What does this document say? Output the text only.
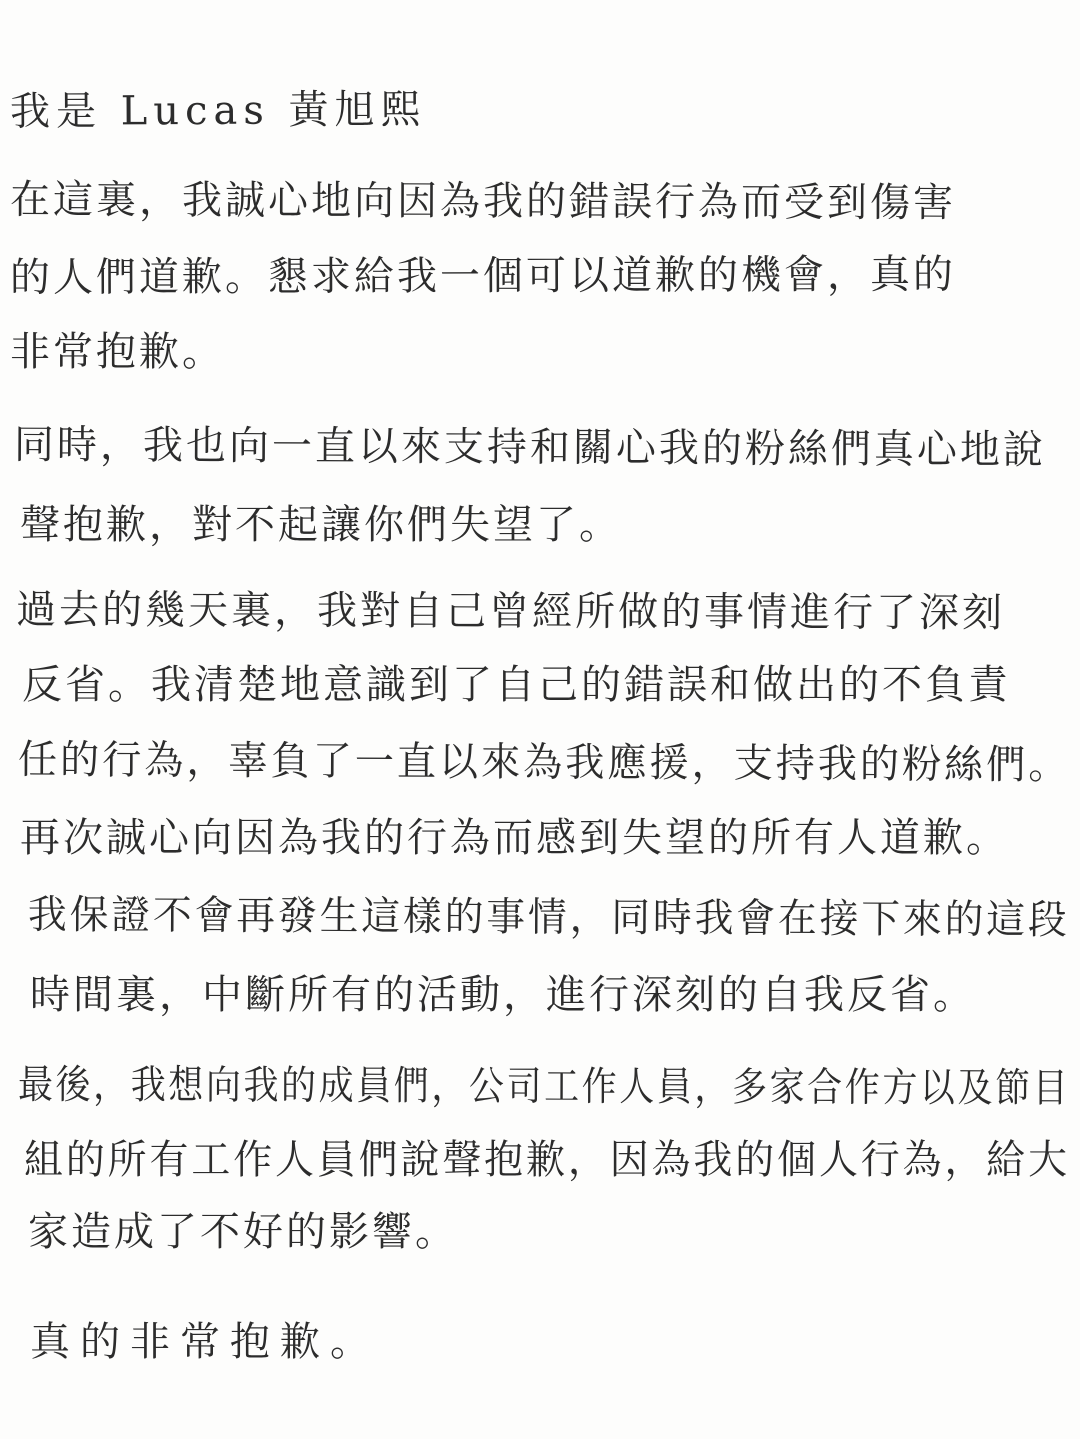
我是 Lucas 黃旭熙
在這裏，我誠心地向因為我的錯誤行為而受到傷害
的人們道歉。懇求給我一個可以道歉的機會，真的
非常抱歉。
同時，我也向一直以來支持和關心我的粉絲們真心地說
聲抱歉，對不起讓你們失望了。
過去的幾天裏，我對自己曾經所做的事情進行了深刻
反省。我清楚地意識到了自己的錯誤和做出的不負責
任的行為，辜負了一直以來為我應援，支持我的粉絲們。
再次誠心向因為我的行為而感到失望的所有人道歉。
我保證不會再發生這樣的事情，同時我會在接下來的這段
時間裏，中斷所有的活動，進行深刻的自我反省。
最後，我想向我的成員們，公司工作人員，多家合作方以及節目
組的所有工作人員們說聲抱歉，因為我的個人行為，給大
家造成了不好的影響。
真的非常抱歉。
